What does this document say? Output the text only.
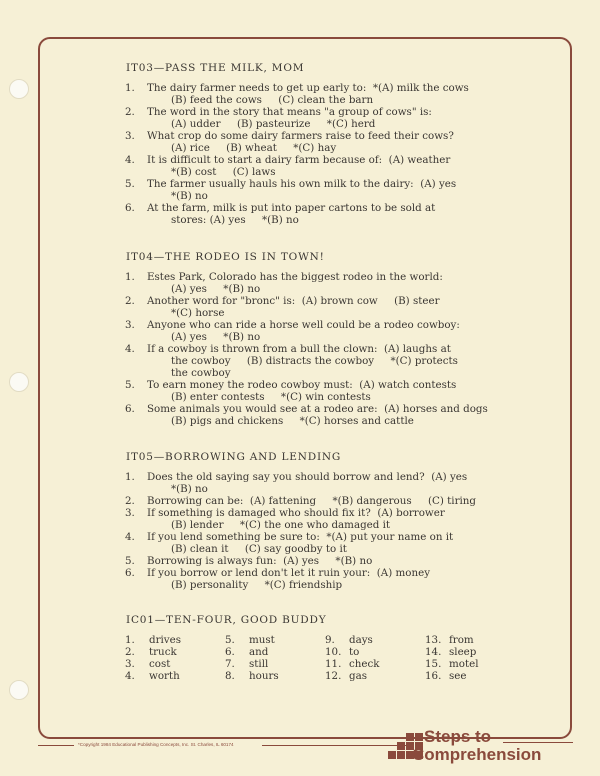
IT03—PASS THE MILK, MOM
1.	The dairy farmer needs to get up early to:  *(A) milk the cows
(B) feed the cows     (C) clean the barn
2.	The word in the story that means "a group of cows" is:
(A) udder     (B) pasteurize     *(C) herd
3.	What crop do some dairy farmers raise to feed their cows?
(A) rice     (B) wheat     *(C) hay
4.	It is difficult to start a dairy farm because of:  (A) weather
*(B) cost     (C) laws
5.	The farmer usually hauls his own milk to the dairy:  (A) yes
*(B) no
6.	At the farm, milk is put into paper cartons to be sold at
stores: (A) yes     *(B) no
IT04—THE RODEO IS IN TOWN!
1.	Estes Park, Colorado has the biggest rodeo in the world:
(A) yes     *(B) no
2.	Another word for "bronc" is:  (A) brown cow     (B) steer
*(C) horse
3.	Anyone who can ride a horse well could be a rodeo cowboy:
(A) yes     *(B) no
4.	If a cowboy is thrown from a bull the clown:  (A) laughs at
the cowboy     (B) distracts the cowboy     *(C) protects
the cowboy
5.	To earn money the rodeo cowboy must:  (A) watch contests
(B) enter contests     *(C) win contests
6.	Some animals you would see at a rodeo are:  (A) horses and dogs
(B) pigs and chickens     *(C) horses and cattle
IT05—BORROWING AND LENDING
1.	Does the old saying say you should borrow and lend?  (A) yes
*(B) no
2.	Borrowing can be:  (A) fattening     *(B) dangerous     (C) tiring
3.	If something is damaged who should fix it?  (A) borrower
(B) lender     *(C) the one who damaged it
4.	If you lend something be sure to:  *(A) put your name on it
(B) clean it     (C) say goodby to it
5.	Borrowing is always fun:  (A) yes     *(B) no
6.	If you borrow or lend don't let it ruin your:  (A) money
(B) personality     *(C) friendship
IC01—TEN-FOUR, GOOD BUDDY
1.	drives	5.	must	9.	days	13. from
2.	truck	6.	and	10. to	14. sleep
3.	cost	7.	still	11. check	15. motel
4.	worth	8.	hours	12. gas	16. see
*Copyright 1984 Educational Publishing Concepts, Inc. St. Charles, IL 60174	Steps to
Comprehension
